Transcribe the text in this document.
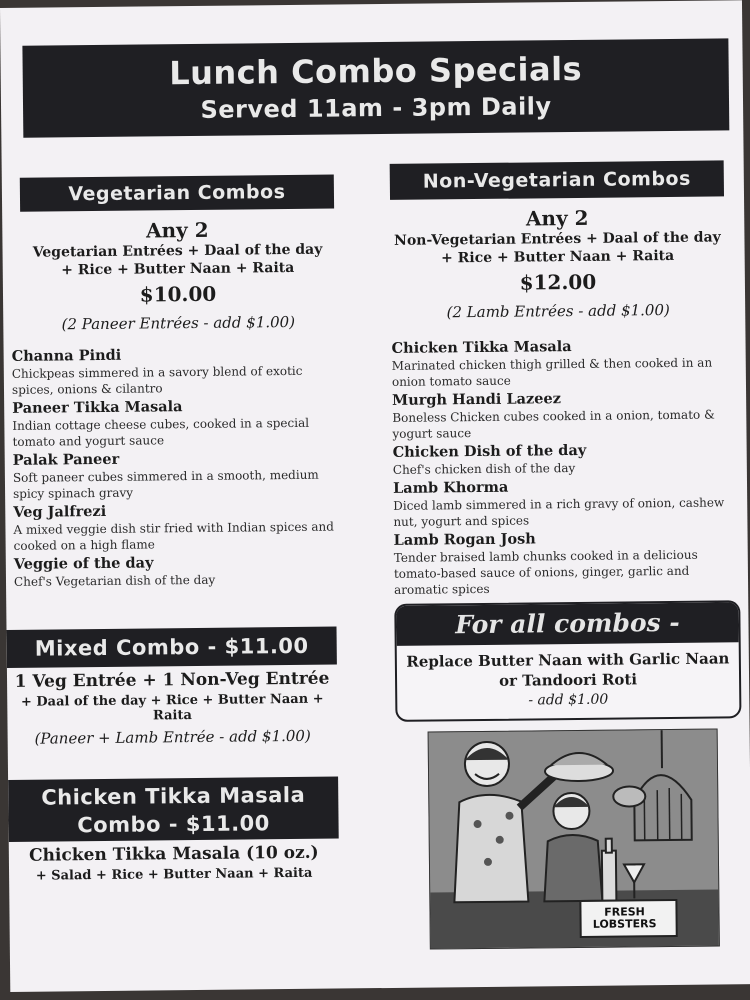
Lunch Combo Specials
Served 11am - 3pm Daily
Vegetarian Combos
Any 2
Vegetarian Entrées + Daal of the day
+ Rice + Butter Naan + Raita
$10.00
(2 Paneer Entrées - add $1.00)
Channa Pindi
Chickpeas simmered in a savory blend of exotic spices, onions & cilantro
Paneer Tikka Masala
Indian cottage cheese cubes, cooked in a special tomato and yogurt sauce
Palak Paneer
Soft paneer cubes simmered in a smooth, medium spicy spinach gravy
Veg Jalfrezi
A mixed veggie dish stir fried with Indian spices and cooked on a high flame
Veggie of the day
Chef's Vegetarian dish of the day
Non-Vegetarian Combos
Any 2
Non-Vegetarian Entrées + Daal of the day
+ Rice + Butter Naan + Raita
$12.00
(2 Lamb Entrées - add $1.00)
Chicken Tikka Masala
Marinated chicken thigh grilled & then cooked in an onion tomato sauce
Murgh Handi Lazeez
Boneless Chicken cubes cooked in a onion, tomato & yogurt sauce
Chicken Dish of the day
Chef's chicken dish of the day
Lamb Khorma
Diced lamb simmered in a rich gravy of onion, cashew nut, yogurt and spices
Lamb Rogan Josh
Tender braised lamb chunks cooked in a delicious tomato-based sauce of onions, ginger, garlic and aromatic spices
Mixed Combo - $11.00
1 Veg Entrée + 1 Non-Veg Entrée
+ Daal of the day + Rice + Butter Naan + Raita
(Paneer + Lamb Entrée - add $1.00)
Chicken Tikka Masala
Combo - $11.00
Chicken Tikka Masala (10 oz.)
+ Salad + Rice + Butter Naan + Raita
For all combos -
Replace Butter Naan with Garlic Naan
or Tandoori Roti
- add $1.00
FRESH
LOBSTERS
